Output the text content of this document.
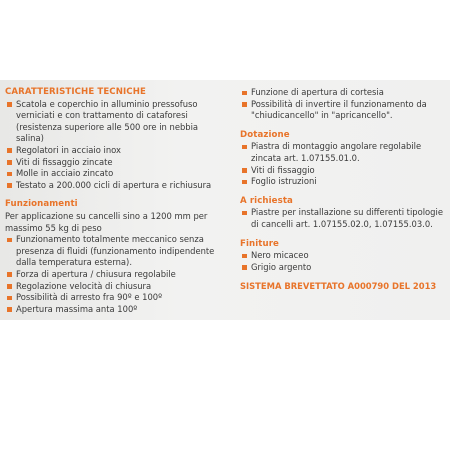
CARATTERISTICHE TECNICHE

Scatola e coperchio in alluminio pressofuso verniciati e con trattamento di cataforesi (resistenza superiore alle 500 ore in nebbia salina)
Regolatori in acciaio inox
Viti di fissaggio zincate
Molle in acciaio zincato
Testato a 200.000 cicli di apertura e richiusura

Funzionamenti

Per applicazione su cancelli sino a 1200 mm per massimo 55 kg di peso

Funzionamento totalmente meccanico senza presenza di fluidi (funzionamento indipendente dalla temperatura esterna).
Forza di apertura / chiusura regolabile
Regolazione velocità di chiusura
Possibilità di arresto fra 90º e 100º
Apertura massima anta 100º
Funzione di apertura di cortesia
Possibilità di invertire il funzionamento da "chiudicancello" in "apricancello".

Dotazione

Piastra di montaggio angolare regolabile zincata art. 1.07155.01.0.
Viti di fissaggio
Foglio istruzioni

A richiesta

Piastre per installazione su differenti tipologie di cancelli art. 1.07155.02.0, 1.07155.03.0.

Finiture

Nero micaceo
Grigio argento

SISTEMA BREVETTATO A000790 DEL 2013
